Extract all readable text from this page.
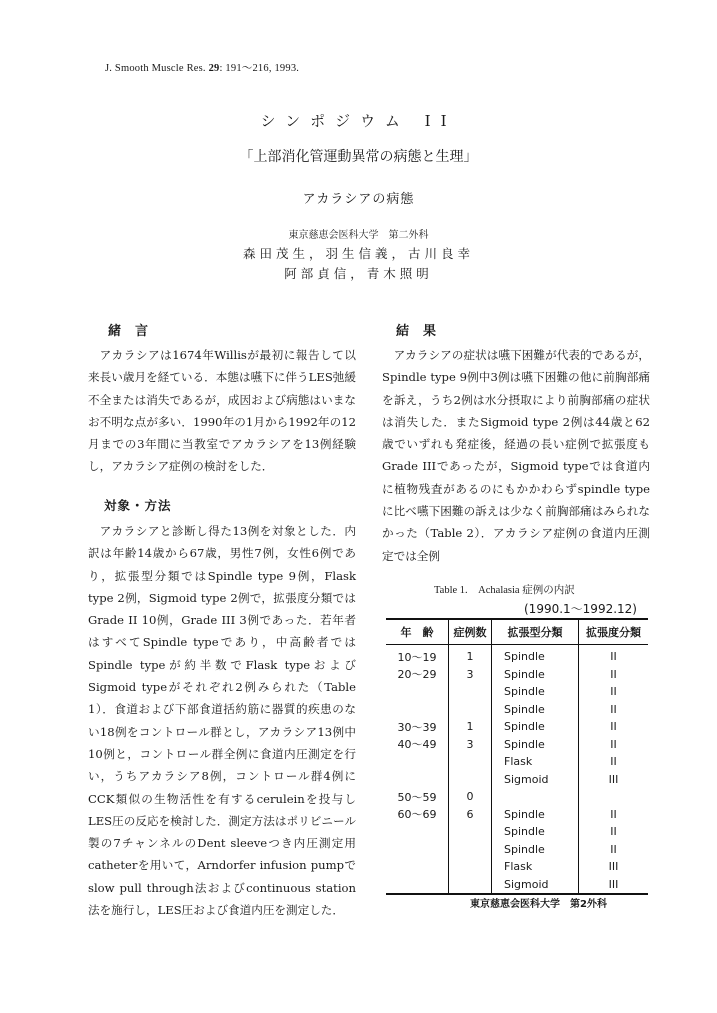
J. Smooth Muscle Res. 29: 191～216, 1993.
シンポジウム II
「上部消化管運動異常の病態と生理」
アカラシアの病態
東京慈恵会医科大学　第二外科
森田茂生，羽生信義，古川良幸
阿部貞信，青木照明
緒言

アカラシアは1674年Willisが最初に報告して以来長い歳月を経ている．本態は嚥下に伴うLES弛緩不全または消失であるが，成因および病態はいまなお不明な点が多い．1990年の1月から1992年の12月までの3年間に当教室でアカラシアを13例経験し，アカラシア症例の検討をした．

対象・方法

アカラシアと診断し得た13例を対象とした．内訳は年齢14歳から67歳，男性7例，女性6例であり，拡張型分類ではSpindle type 9例，Flask type 2例，Sigmoid type 2例で，拡張度分類ではGrade II 10例，Grade III 3例であった．若年者はすべてSpindle typeであり，中高齢者ではSpindle typeが約半数でFlask typeおよびSigmoid typeがそれぞれ2例みられた（Table 1）．食道および下部食道括約筋に器質的疾患のない18例をコントロール群とし，アカラシア13例中10例と，コントロール群全例に食道内圧測定を行い，うちアカラシア8例，コントロール群4例にCCK類似の生物活性を有するceruleinを投与しLES圧の反応を検討した．測定方法はポリビニール製の7チャンネルのDent sleeveつき内圧測定用catheterを用いて，Arndorfer infusion pumpでslow pull through法およびcontinuous station法を施行し，LES圧および食道内圧を測定した．

結果

アカラシアの症状は嚥下困難が代表的であるが，Spindle type 9例中3例は嚥下困難の他に前胸部痛を訴え，うち2例は水分摂取により前胸部痛の症状は消失した．またSigmoid type 2例は44歳と62歳でいずれも発症後，経過の長い症例で拡張度もGrade IIIであったが，Sigmoid typeでは食道内に植物残査があるのにもかかわらずspindle typeに比べ嚥下困難の訴えは少なく前胸部痛はみられなかった（Table 2）．アカラシア症例の食道内圧測定では全例

Table 1.　Achalasia 症例の内訳
(1990.1～1992.12)
年　齢	症例数	拡張型分類	拡張度分類
10～19	1	Spindle	II
20～29	3	Spindle	II
		Spindle	II
		Spindle	II
30～39	1	Spindle	II
40～49	3	Spindle	II
		Flask	II
		Sigmoid	III
50～59	0		
60～69	6	Spindle	II
		Spindle	II
		Spindle	II
		Flask	III
		Sigmoid	III
東京慈恵会医科大学　第2外科
